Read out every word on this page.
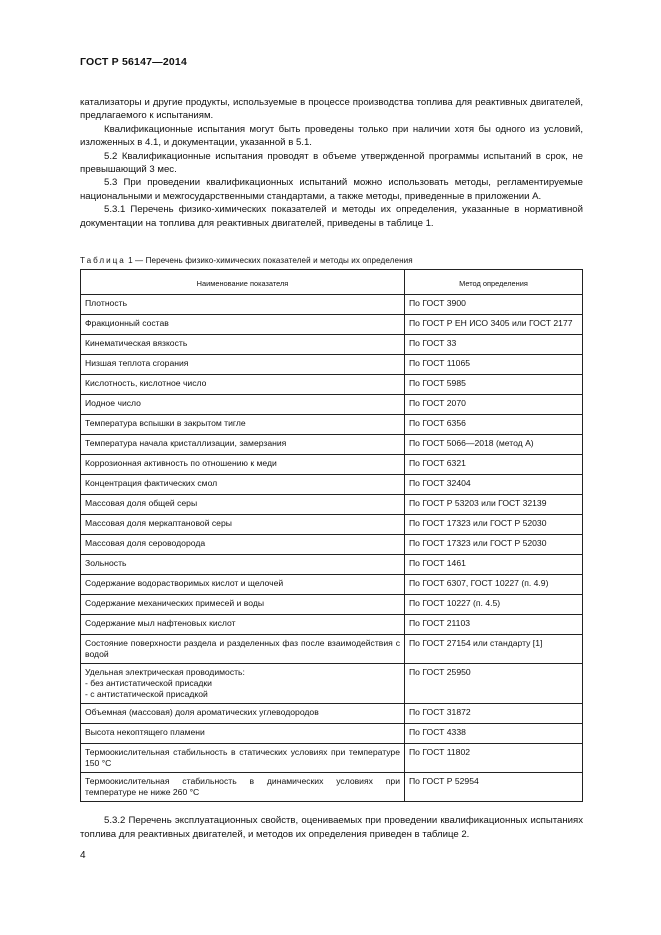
ГОСТ Р 56147—2014

катализаторы и другие продукты, используемые в процессе производства топлива для реактивных двигателей, предлагаемого к испытаниям.

Квалификационные испытания могут быть проведены только при наличии хотя бы одного из условий, изложенных в 4.1, и документации, указанной в 5.1.

5.2 Квалификационные испытания проводят в объеме утвержденной программы испытаний в срок, не превышающий 3 мес.

5.3 При проведении квалификационных испытаний можно использовать методы, регламентируемые национальными и межгосударственными стандартами, а также методы, приведенные в приложении А.

5.3.1 Перечень физико-химических показателей и методы их определения, указанные в нормативной документации на топлива для реактивных двигателей, приведены в таблице 1.

Таблица 1 — Перечень физико-химических показателей и методы их определения
Наименование показателя	Метод определения
Плотность	По ГОСТ 3900
Фракционный состав	По ГОСТ Р ЕН ИСО 3405 или ГОСТ 2177
Кинематическая вязкость	По ГОСТ 33
Низшая теплота сгорания	По ГОСТ 11065
Кислотность, кислотное число	По ГОСТ 5985
Иодное число	По ГОСТ 2070
Температура вспышки в закрытом тигле	По ГОСТ 6356
Температура начала кристаллизации, замерзания	По ГОСТ 5066—2018 (метод А)
Коррозионная активность по отношению к меди	По ГОСТ 6321
Концентрация фактических смол	По ГОСТ 32404
Массовая доля общей серы	По ГОСТ Р 53203 или ГОСТ 32139
Массовая доля меркаптановой серы	По ГОСТ 17323 или ГОСТ Р 52030
Массовая доля сероводорода	По ГОСТ 17323 или ГОСТ Р 52030
Зольность	По ГОСТ 1461
Содержание водорастворимых кислот и щелочей	По ГОСТ 6307, ГОСТ 10227 (п. 4.9)
Содержание механических примесей и воды	По ГОСТ 10227 (п. 4.5)
Содержание мыл нафтеновых кислот	По ГОСТ 21103
Состояние поверхности раздела и разделенных фаз после взаимодействия с водой	По ГОСТ 27154 или стандарту [1]
Удельная электрическая проводимость:
- без антистатической присадки
- с антистатической присадкой	По ГОСТ 25950
Объемная (массовая) доля ароматических углеводородов	По ГОСТ 31872
Высота некоптящего пламени	По ГОСТ 4338
Термоокислительная стабильность в статических условиях при температуре 150 °С	По ГОСТ 11802
Термоокислительная стабильность в динамических условиях при температуре не ниже 260 °С	По ГОСТ Р 52954

5.3.2 Перечень эксплуатационных свойств, оцениваемых при проведении квалификационных испытаниях топлива для реактивных двигателей, и методов их определения приведен в таблице 2.

4
